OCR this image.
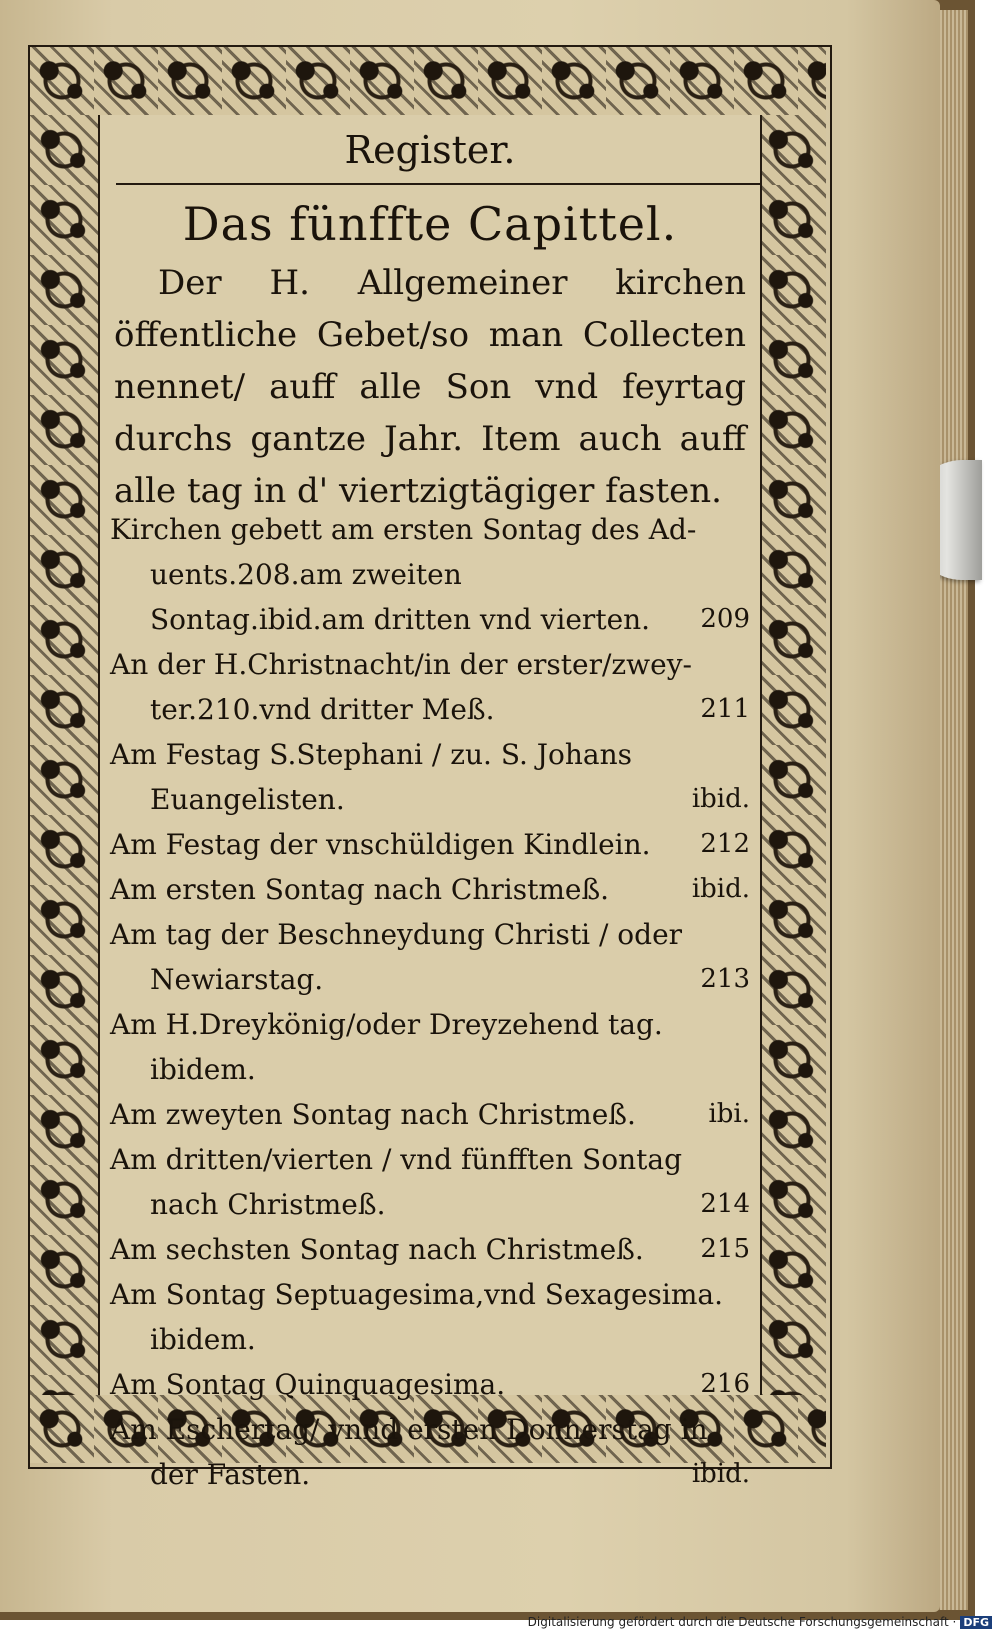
Register.
Das fünffte Capittel.
Der H. Allgemeiner kirchen öffentliche Gebet/so man Collecten nennet/ auff alle Son vnd feyrtag durchs gantze Jahr. Item auch auff alle tag in d' viertzigtägiger fasten.
Kirchen gebett am ersten Sontag des Ad-
uents.208.am zweiten Sontag.ibid.am dritten vnd vierten.	209
An der H.Christnacht/in der erster/zwey-
ter.210.vnd dritter Meß.	211
Am Festag S.Stephani / zu. S. Johans
Euangelisten.	ibid.
Am Festag der vnschüldigen Kindlein.	212
Am ersten Sontag nach Christmeß.	ibid.
Am tag der Beschneydung Christi / oder
Newiarstag.	213
Am H.Dreykönig/oder Dreyzehend tag.
ibidem.
Am zweyten Sontag nach Christmeß.	ibi.
Am dritten/vierten / vnd fünfften Sontag
nach Christmeß.	214
Am sechsten Sontag nach Christmeß.	215
Am Sontag Septuagesima,vnd Sexagesima.
ibidem.
Am Sontag Quinquagesima.	216
Am Eschertag/ vnnd ersten Donnerstag in
der Fasten.	ibid.
Digitalisierung gefördert durch die Deutsche Forschungsgemeinschaft · DFG
